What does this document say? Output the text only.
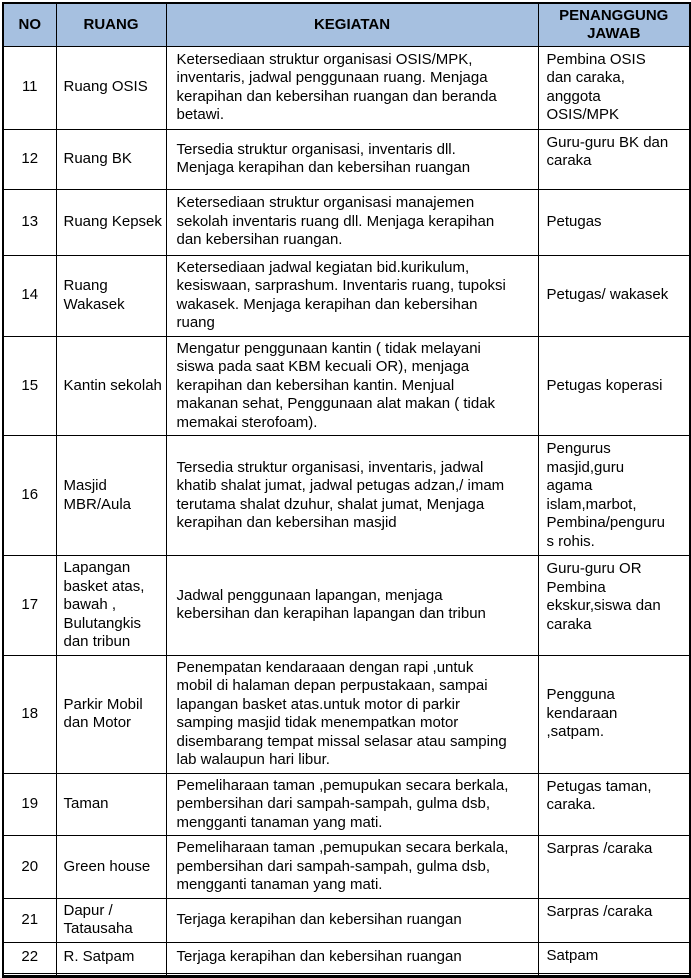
NO	RUANG	KEGIATAN	PENANGGUNG JAWAB
11	Ruang OSIS	Ketersediaan struktur organisasi OSIS/MPK, inventaris, jadwal penggunaan ruang. Menjaga kerapihan dan kebersihan ruangan dan beranda betawi.	Pembina OSIS dan caraka, anggota OSIS/MPK
12	Ruang BK	Tersedia struktur organisasi, inventaris dll. Menjaga kerapihan dan kebersihan ruangan	Guru-guru BK dan caraka
13	Ruang Kepsek	Ketersediaan struktur organisasi manajemen sekolah inventaris ruang dll. Menjaga kerapihan dan kebersihan ruangan.	Petugas
14	Ruang Wakasek	Ketersediaan jadwal kegiatan bid.kurikulum, kesiswaan, sarprashum. Inventaris ruang, tupoksi wakasek. Menjaga kerapihan dan kebersihan ruang	Petugas/ wakasek
15	Kantin sekolah	Mengatur penggunaan kantin ( tidak melayani siswa pada saat KBM kecuali OR), menjaga kerapihan dan kebersihan kantin. Menjual makanan sehat, Penggunaan alat makan ( tidak memakai sterofoam).	Petugas koperasi
16	Masjid MBR/Aula	Tersedia struktur organisasi, inventaris, jadwal khatib shalat jumat, jadwal petugas adzan,/ imam terutama shalat dzuhur, shalat jumat, Menjaga kerapihan dan kebersihan masjid	Pengurus masjid,guru agama islam,marbot, Pembina/pengurus rohis.
17	Lapangan basket atas, bawah , Bulutangkis dan tribun	Jadwal penggunaan lapangan, menjaga kebersihan dan kerapihan lapangan dan tribun	Guru-guru OR Pembina ekskur,siswa dan caraka
18	Parkir Mobil dan Motor	Penempatan kendaraaan dengan rapi ,untuk mobil di halaman depan perpustakaan, sampai lapangan basket atas.untuk motor di parkir samping masjid tidak menempatkan motor disembarang tempat missal selasar atau samping lab walaupun hari libur.	Pengguna kendaraan ,satpam.
19	Taman	Pemeliharaan taman ,pemupukan secara berkala, pembersihan dari sampah-sampah, gulma dsb, mengganti tanaman yang mati.	Petugas taman, caraka.
20	Green house	Pemeliharaan taman ,pemupukan secara berkala, pembersihan dari sampah-sampah, gulma dsb, mengganti tanaman yang mati.	Sarpras /caraka
21	Dapur / Tatausaha	Terjaga kerapihan dan kebersihan ruangan	Sarpras /caraka
22	R. Satpam	Terjaga kerapihan dan kebersihan ruangan	Satpam
